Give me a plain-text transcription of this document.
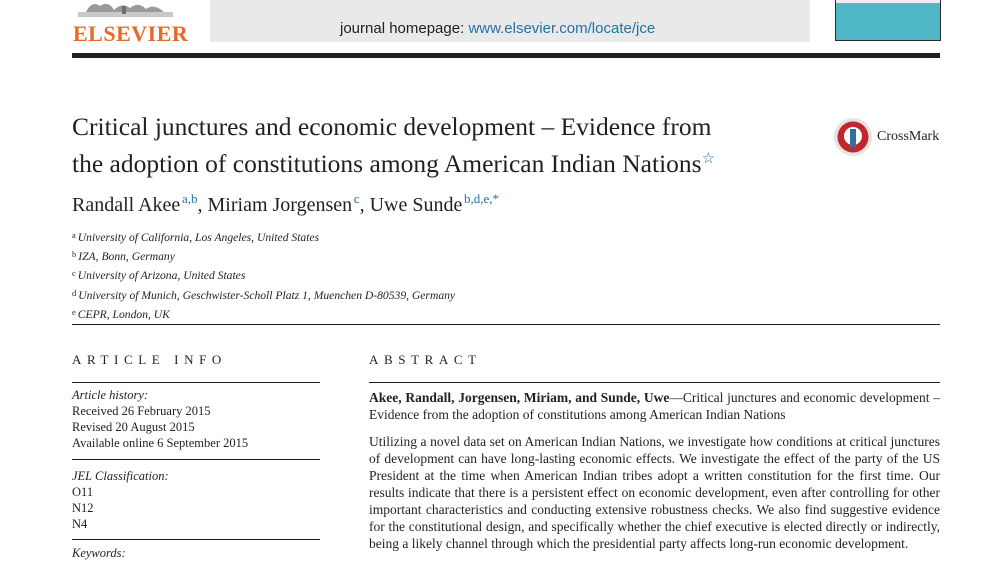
ELSEVIER	journal homepage: www.elsevier.com/locate/jce
Critical junctures and economic development – Evidence from
the adoption of constitutions among American Indian Nations☆
CrossMark
Randall Akee  $^{a,b}$, Miriam Jorgensen  $^c$, Uwe Sunde  $^{b,d,e,*}$
$^a$ University of California, Los Angeles, United States
$^b$ IZA, Bonn, Germany
$^c$ University of Arizona, United States
$^d$ University of Munich, Geschwister-Scholl Platz 1, Muenchen D-80539, Germany
$^e$ CEPR, London, UK
ARTICLE INFO
Article history:
Received 26 February 2015
Revised 20 August 2015
Available online 6 September 2015
JEL Classification:
O11
N12
N4
Keywords:
ABSTRACT
Akee, Randall, Jorgensen, Miriam, and Sunde, Uwe—Critical junctures and economic development – Evidence from the adoption of constitutions among American Indian Nations
Utilizing a novel data set on American Indian Nations, we investigate how conditions at critical junctures of development can have long-lasting economic effects. We investigate the effect of the party of the US President at the time when American Indian tribes adopt a written constitution for the first time. Our results indicate that there is a persistent effect on economic development, even after controlling for other important characteristics and conducting extensive robustness checks. We also find suggestive evidence for the constitutional design, and specifically whether the chief executive is elected directly or indirectly, being a likely channel through which the presidential party affects long-run economic development.
